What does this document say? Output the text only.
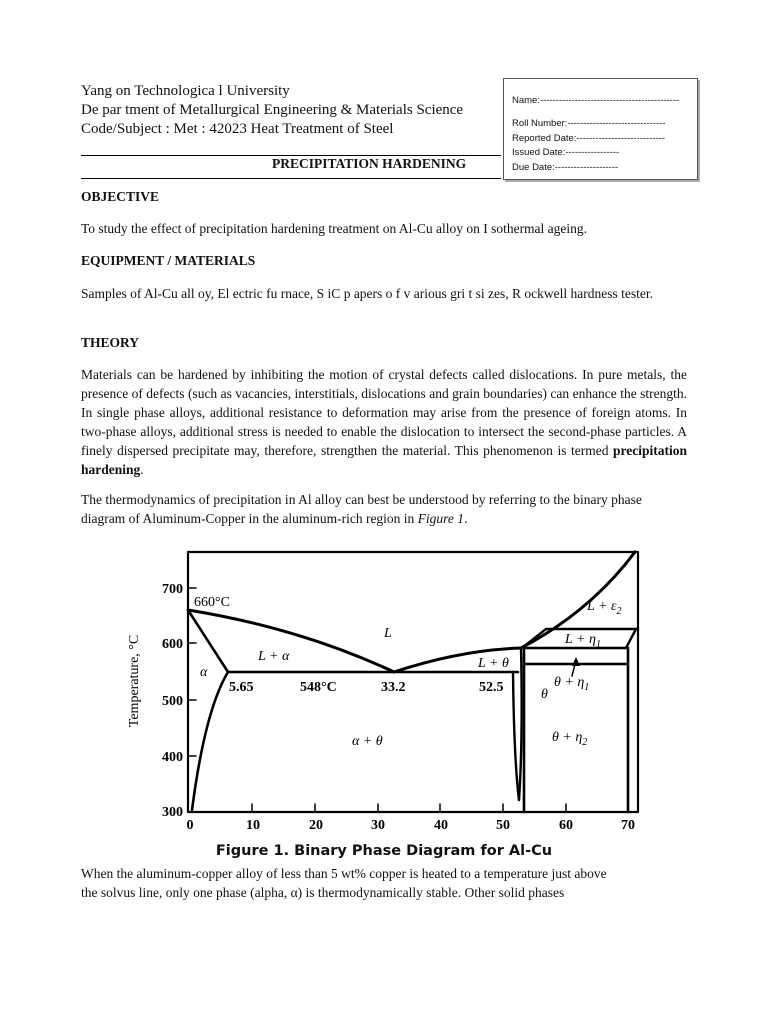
Yang on Technologica l University
De par tment of Metallurgical Engineering & Materials Science
Code/Subject : Met : 42023 Heat Treatment of Steel
Name:--------------------------------------------
Roll Number:-------------------------------
Reported Date:----------------------------
Issued Date:-----------------
Due Date:--------------------
PRECIPITATION HARDENING
OBJECTIVE
To study the effect of precipitation hardening treatment on Al-Cu alloy on I sothermal ageing.
EQUIPMENT / MATERIALS
Samples of Al-Cu all oy, El ectric fu rnace, S iC p apers o f v arious gri t si zes, R ockwell hardness tester.
THEORY
Materials can be hardened by inhibiting the motion of crystal defects called dislocations. In pure metals, the presence of defects (such as vacancies, interstitials, dislocations and grain boundaries) can enhance the strength. In single phase alloys, additional resistance to deformation may arise from the presence of foreign atoms. In two-phase alloys, additional stress is needed to enable the dislocation to intersect the second-phase particles. A finely dispersed precipitate may, therefore, strengthen the material. This phenomenon is termed precipitation hardening.
The thermodynamics of precipitation in Al alloy can best be understood by referring to the binary phase diagram of Aluminum-Copper in the aluminum-rich region in Figure 1.
Temperature, °C
700
600
500
400
300
0	10	20	30	40	50	60	70
660°C
L
L + α
α
5.65	548°C	33.2
L + θ
52.5	θ
$\theta + \eta_1$
$L + \varepsilon_2$
$L + \eta_1$
α + θ	$\theta + \eta_2$
Figure 1. Binary Phase Diagram for Al-Cu
When the aluminum-copper alloy of less than 5 wt% copper is heated to a temperature just above
the solvus line, only one phase (alpha, α) is thermodynamically stable. Other solid phases
